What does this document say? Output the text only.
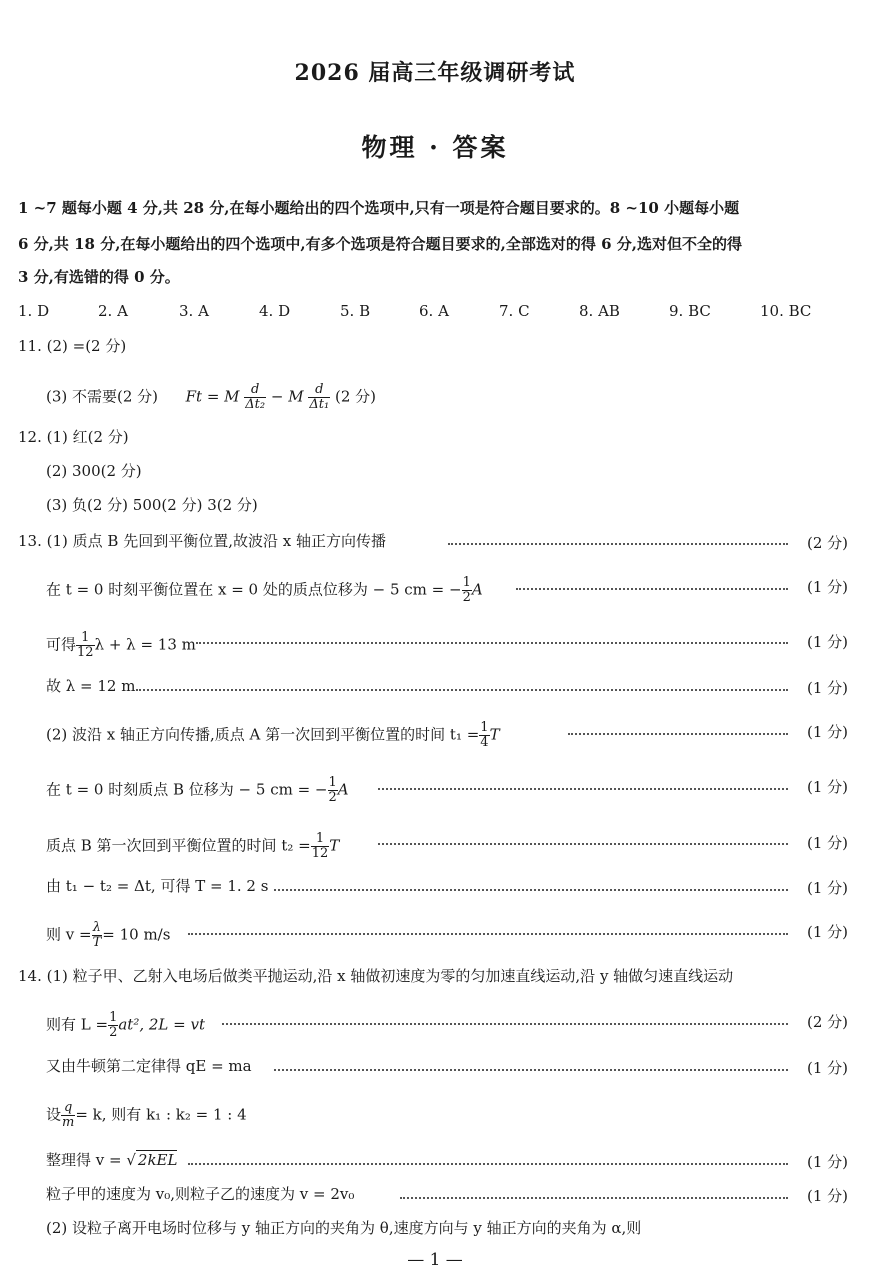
2026 届高三年级调研考试
物理 · 答案
1 ~7 题每小题 4 分,共 28 分,在每小题给出的四个选项中,只有一项是符合题目要求的。8 ~10 小题每小题
6 分,共 18 分,在每小题给出的四个选项中,有多个选项是符合题目要求的,全部选对的得 6 分,选对但不全的得
3 分,有选错的得 0 分。
1. D	2. A	3. A	4. D	5. B	6. A	7. C	8. AB	9. BC	10. BC
11. (2) =(2 分)
(3) 不需要(2 分) Ft = M $\frac{d}{\text{Δt₂}} - M \frac{d}{\text{Δt₁}} (2$ 分)
12. (1) 红(2 分)
(2) 300(2 分)
(3) 负(2 分) 500(2 分) 3(2 分)
13. (1) 质点 B 先回到平衡位置,故波沿 x 轴正方向传播	(2 分)
在 t = 0 时刻平衡位置在 x = 0 处的质点位移为 − 5 cm = − $\frac{1}{2}$ A	(1 分)
可得 $\frac{1}{12}$ λ + λ = 13 m	(1 分)
故 λ = 12 m	(1 分)
(2) 波沿 x 轴正方向传播,质点 A 第一次回到平衡位置的时间 $t_1 = \frac{1}{4}$ T	(1 分)
在 t = 0 时刻质点 B 位移为 − 5 cm = − $\frac{1}{2}$ A	(1 分)
质点 B 第一次回到平衡位置的时间 $t_2 = \frac{1}{12}$ T	(1 分)
由 t₁ − t₂ = Δt, 可得 T = 1. 2 s	(1 分)
则 $v = \frac{\lambda}{T} = 10$ m/s	(1 分)
14. (1) 粒子甲、乙射入电场后做类平抛运动,沿 x 轴做初速度为零的匀加速直线运动,沿 y 轴做匀速直线运动
则有 $L = \frac{1}{2} at^2$, 2L = vt	(2 分)
又由牛顿第二定律得 qE = ma	(1 分)
设 $\frac{q}{m} = k$, 则有 k₁ : k₂ = 1 : 4
整理得 v = √ 2kEL	(1 分)
粒子甲的速度为 v₀,则粒子乙的速度为 v = 2v₀	(1 分)
(2) 设粒子离开电场时位移与 y 轴正方向的夹角为 θ,速度方向与 y 轴正方向的夹角为 α,则
— 1 —
